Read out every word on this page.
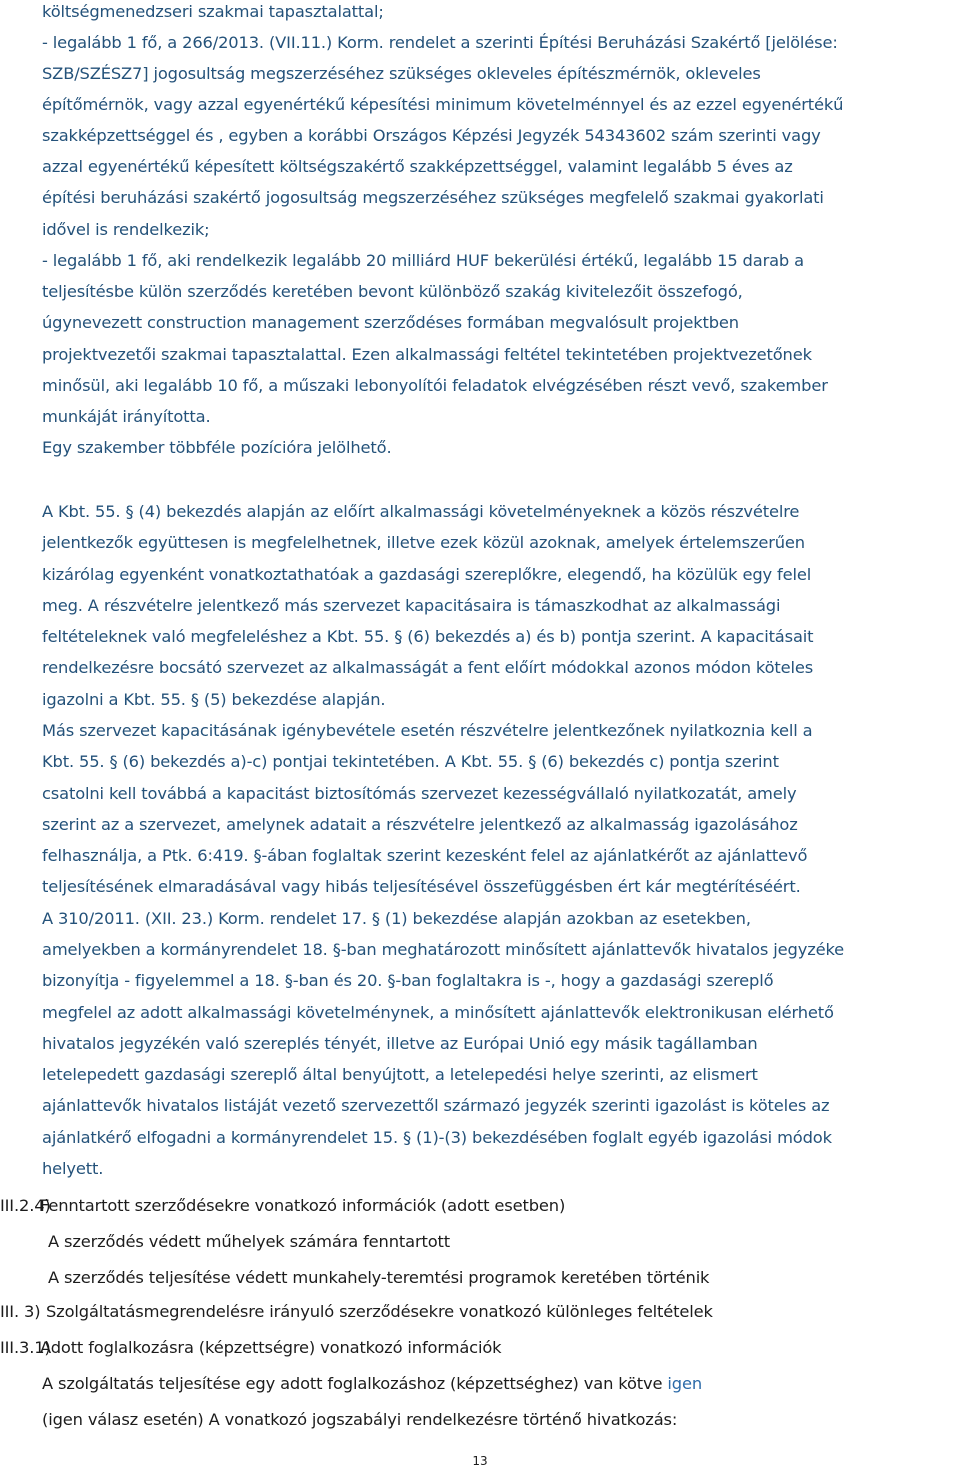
költségmenedzseri szakmai tapasztalattal;
- legalább 1 fő, a 266/2013. (VII.11.) Korm. rendelet a szerinti Építési Beruházási Szakértő [jelölése:
SZB/SZÉSZ7] jogosultság megszerzéséhez szükséges okleveles építészmérnök, okleveles
építőmérnök, vagy azzal egyenértékű képesítési minimum követelménnyel és az ezzel egyenértékű
szakképzettséggel és , egyben a korábbi Országos Képzési Jegyzék 54343602 szám szerinti vagy
azzal egyenértékű képesített költségszakértő szakképzettséggel, valamint legalább 5 éves az
építési beruházási szakértő jogosultság megszerzéséhez szükséges megfelelő szakmai gyakorlati
idővel is rendelkezik;
- legalább 1 fő, aki rendelkezik legalább 20 milliárd HUF bekerülési értékű, legalább 15 darab a
teljesítésbe külön szerződés keretében bevont különböző szakág kivitelezőit összefogó,
úgynevezett construction management szerződéses formában megvalósult projektben
projektvezetői szakmai tapasztalattal. Ezen alkalmassági feltétel tekintetében projektvezetőnek
minősül, aki legalább 10 fő, a műszaki lebonyolítói feladatok elvégzésében részt vevő, szakember
munkáját irányította.
Egy szakember többféle pozícióra jelölhető.
A Kbt. 55. § (4) bekezdés alapján az előírt alkalmassági követelményeknek a közös részvételre
jelentkezők együttesen is megfelelhetnek, illetve ezek közül azoknak, amelyek értelemszerűen
kizárólag egyenként vonatkoztathatóak a gazdasági szereplőkre, elegendő, ha közülük egy felel
meg. A részvételre jelentkező más szervezet kapacitásaira is támaszkodhat az alkalmassági
feltételeknek való megfeleléshez a Kbt. 55. § (6) bekezdés a) és b) pontja szerint. A kapacitásait
rendelkezésre bocsátó szervezet az alkalmasságát a fent előírt módokkal azonos módon köteles
igazolni a Kbt. 55. § (5) bekezdése alapján.
Más szervezet kapacitásának igénybevétele esetén részvételre jelentkezőnek nyilatkoznia kell a
Kbt. 55. § (6) bekezdés a)-c) pontjai tekintetében. A Kbt. 55. § (6) bekezdés c) pontja szerint
csatolni kell továbbá a kapacitást biztosítómás szervezet kezességvállaló nyilatkozatát, amely
szerint az a szervezet, amelynek adatait a részvételre jelentkező az alkalmasság igazolásához
felhasználja, a Ptk. 6:419. §-ában foglaltak szerint kezesként felel az ajánlatkérőt az ajánlattevő
teljesítésének elmaradásával vagy hibás teljesítésével összefüggésben ért kár megtérítéséért.
A 310/2011. (XII. 23.) Korm. rendelet 17. § (1) bekezdése alapján azokban az esetekben,
amelyekben a kormányrendelet 18. §-ban meghatározott minősített ajánlattevők hivatalos jegyzéke
bizonyítja - figyelemmel a 18. §-ban és 20. §-ban foglaltakra is -, hogy a gazdasági szereplő
megfelel az adott alkalmassági követelménynek, a minősített ajánlattevők elektronikusan elérhető
hivatalos jegyzékén való szereplés tényét, illetve az Európai Unió egy másik tagállamban
letelepedett gazdasági szereplő által benyújtott, a letelepedési helye szerinti, az elismert
ajánlattevők hivatalos listáját vezető szervezettől származó jegyzék szerinti igazolást is köteles az
ajánlatkérő elfogadni a kormányrendelet 15. § (1)-(3) bekezdésében foglalt egyéb igazolási módok
helyett.
III.2.4)Fenntartott szerződésekre vonatkozó információk (adott esetben)
A szerződés védett műhelyek számára fenntartott
A szerződés teljesítése védett munkahely-teremtési programok keretében történik
III. 3) Szolgáltatásmegrendelésre irányuló szerződésekre vonatkozó különleges feltételek
III.3.1)Adott foglalkozásra (képzettségre) vonatkozó információk
A szolgáltatás teljesítése egy adott foglalkozáshoz (képzettséghez) van kötve igen
(igen válasz esetén) A vonatkozó jogszabályi rendelkezésre történő hivatkozás:
13
